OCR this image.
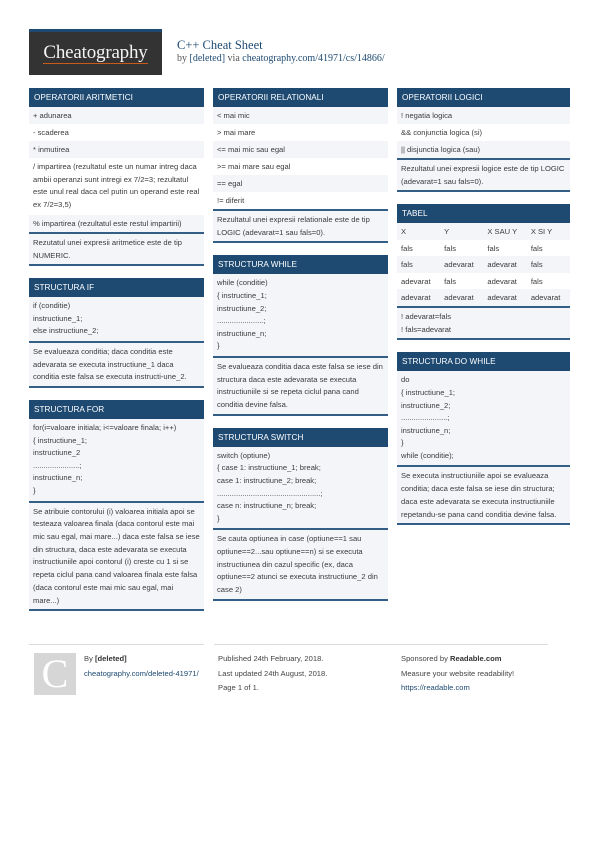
Cheatography C++ Cheat Sheet
by [deleted] via cheatography.com/41971/cs/14866/
OPERATORII ARITMETICI
+ adunarea
- scaderea
* inmutirea
/ impartirea (rezultatul este un numar intreg daca ambii operanzi sunt intregi ex 7/2=3; rezultatul este unul real daca cel putin un operand este real ex 7/2=3,5)
% impartirea (rezultatul este restul impartirii)
Rezutatul unei expresii aritmetice este de tip NUMERIC.
STRUCTURA IF
if (conditie)
instructiune_1;
else instructiune_2;
Se evalueaza conditia; daca conditia este adevarata se executa instructiune_1 daca conditia este falsa se executa instructi-une_2.
STRUCTURA FOR
for(i=valoare initiala; i<=valoare finala; i++)
{ instructiune_1;
instructiune_2
......................;
instructiune_n;
}
Se atribuie contorului (i) valoarea initiala apoi se testeaza valoarea finala (daca contorul este mai mic sau egal, mai mare...) daca este falsa se iese din structura, daca este adevarata se executa instructiuniile apoi contorul (i) creste cu 1 si se repeta ciclul pana cand valoarea finala este falsa (daca contorul este mai mic sau egal, mai mare...)
OPERATORII RELATIONALI
< mai mic
> mai mare
<= mai mic sau egal
>= mai mare sau egal
== egal
!= diferit
Rezultatul unei expresii relationale este de tip LOGIC (adevarat=1 sau fals=0).
STRUCTURA WHILE
while (conditie)
{ instructine_1;
instructiune_2;
......................;
instructiune_n;
}
Se evalueaza conditia daca este falsa se iese din structura daca este adevarata se executa instructiuniile si se repeta ciclul pana cand conditia devine falsa.
STRUCTURA SWITCH
switch (optiune)
{ case 1: instructiune_1; break;
case 1: instructiune_2; break;
.................................................;
case n: instructiune_n; break;
}
Se cauta optiunea in case (optiune==1 sau optiune==2...sau optiune==n) si se executa instructiunea din cazul specific (ex, daca optiune==2 atunci se executa instructiune_2 din case 2)
OPERATORII LOGICI
! negatia logica
&& conjunctia logica (si)
|| disjunctia logica (sau)
Rezultatul unei expresii logice este de tip LOGIC (adevarat=1 sau fals=0).
TABEL
X	Y	X SAU Y	X SI Y
fals	fals	fals	fals
fals	adevarat	adevarat	fals
adevarat	fals	adevarat	fals
adevarat	adevarat	adevarat	adevarat
! adevarat=fals
! fals=adevarat
STRUCTURA DO WHILE
do
{ instructiune_1;
instructiune_2;
......................;
instructiune_n;
}
while (conditie);
Se executa instructiuniile apoi se evalueaza conditia; daca este falsa se iese din structura; daca este adevarata se executa instructiuniile repetandu-se pana cand conditia devine falsa.
C By [deleted]
cheatography.com/deleted-41971/
Published 24th February, 2018.
Last updated 24th August, 2018.
Page 1 of 1.
Sponsored by Readable.com
Measure your website readability!
https://readable.com
